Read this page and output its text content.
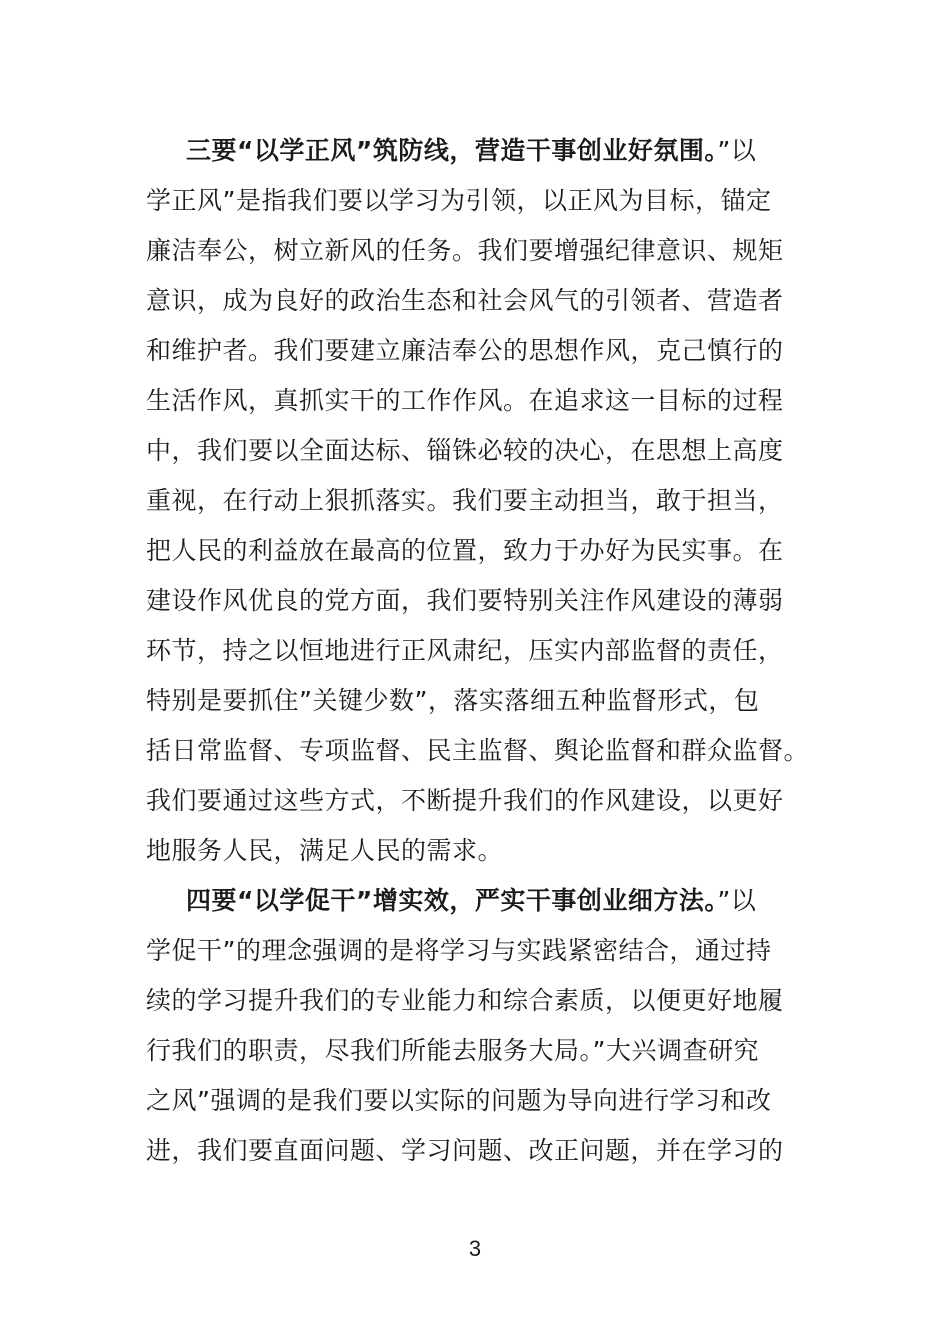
三要“以学正风”筑防线，营造干事创业好氛围。”以
学正风”是指我们要以学习为引领，以正风为目标，锚定
廉洁奉公，树立新风的任务。我们要增强纪律意识、规矩
意识，成为良好的政治生态和社会风气的引领者、营造者
和维护者。我们要建立廉洁奉公的思想作风，克己慎行的
生活作风，真抓实干的工作作风。在追求这一目标的过程
中，我们要以全面达标、锱铢必较的决心，在思想上高度
重视，在行动上狠抓落实。我们要主动担当，敢于担当，
把人民的利益放在最高的位置，致力于办好为民实事。在
建设作风优良的党方面，我们要特别关注作风建设的薄弱
环节，持之以恒地进行正风肃纪，压实内部监督的责任，
特别是要抓住”关键少数”，落实落细五种监督形式，包
括日常监督、专项监督、民主监督、舆论监督和群众监督。
我们要通过这些方式，不断提升我们的作风建设，以更好
地服务人民，满足人民的需求。
四要“以学促干”增实效，严实干事创业细方法。”以
学促干”的理念强调的是将学习与实践紧密结合，通过持
续的学习提升我们的专业能力和综合素质，以便更好地履
行我们的职责，尽我们所能去服务大局。”大兴调查研究
之风”强调的是我们要以实际的问题为导向进行学习和改
进，我们要直面问题、学习问题、改正问题，并在学习的
3
